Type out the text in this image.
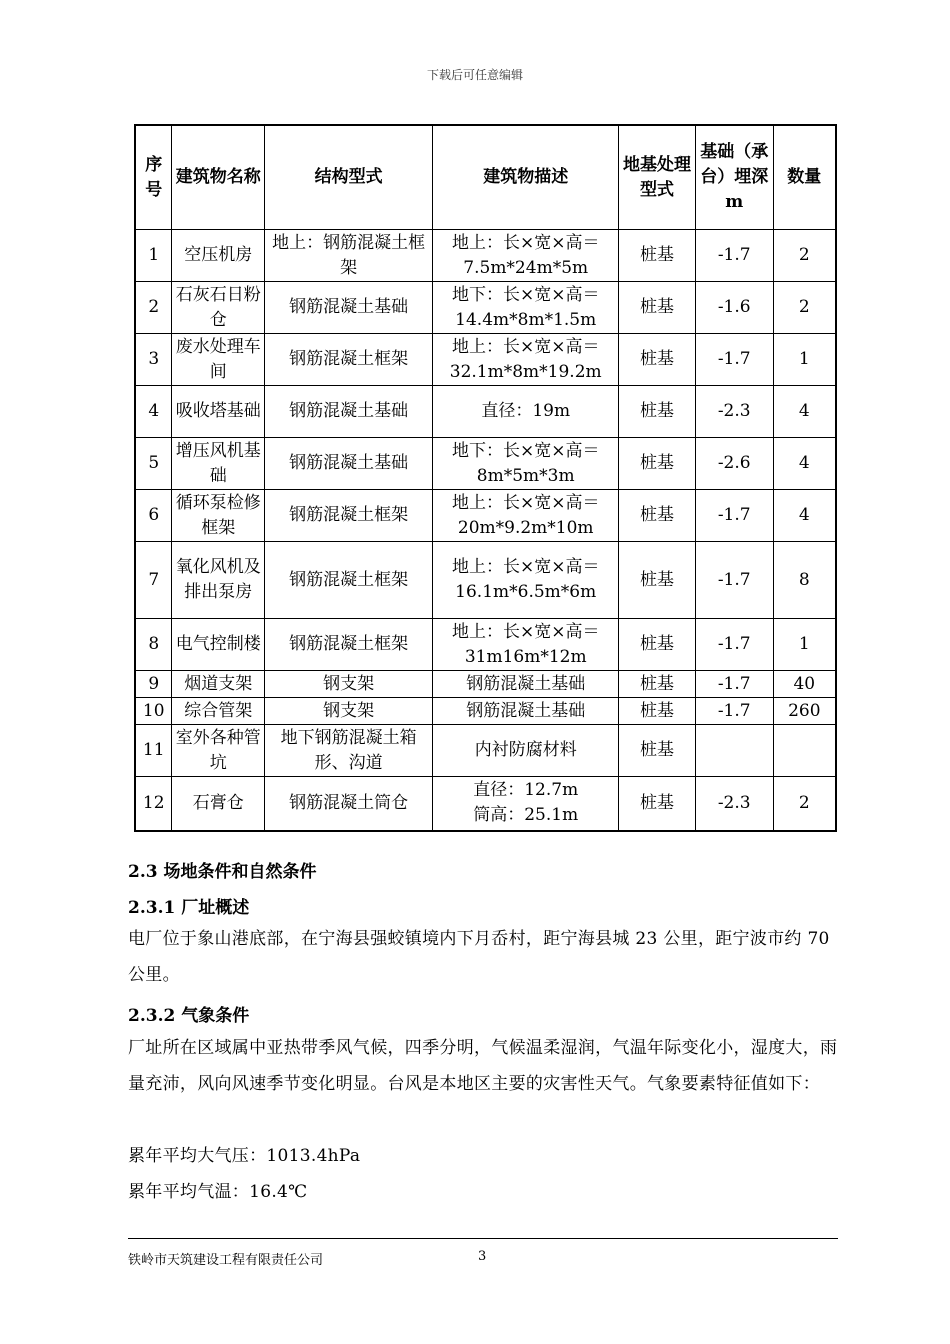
下载后可任意编辑
序号	建筑物名称	结构型式	建筑物描述	地基处理型式	基础（承台）埋深 m	数量
1	空压机房	地上：钢筋混凝土框架	地上：长×宽×高＝7.5m*24m*5m	桩基	-1.7	2
2	石灰石日粉仓	钢筋混凝土基础	地下：长×宽×高＝14.4m*8m*1.5m	桩基	-1.6	2
3	废水处理车间	钢筋混凝土框架	地上：长×宽×高＝32.1m*8m*19.2m	桩基	-1.7	1
4	吸收塔基础	钢筋混凝土基础	直径：19m	桩基	-2.3	4
5	增压风机基础	钢筋混凝土基础	地下：长×宽×高＝8m*5m*3m	桩基	-2.6	4
6	循环泵检修框架	钢筋混凝土框架	地上：长×宽×高＝20m*9.2m*10m	桩基	-1.7	4
7	氧化风机及排出泵房	钢筋混凝土框架	地上：长×宽×高＝16.1m*6.5m*6m	桩基	-1.7	8
8	电气控制楼	钢筋混凝土框架	地上：长×宽×高＝31m16m*12m	桩基	-1.7	1
9	烟道支架	钢支架	钢筋混凝土基础	桩基	-1.7	40
10	综合管架	钢支架	钢筋混凝土基础	桩基	-1.7	260
11	室外各种管坑	地下钢筋混凝土箱形、沟道	内衬防腐材料	桩基		
12	石膏仓	钢筋混凝土筒仓	直径：12.7m 筒高：25.1m	桩基	-2.3	2
2.3 场地条件和自然条件
2.3.1 厂址概述
电厂位于象山港底部，在宁海县强蛟镇境内下月岙村，距宁海县城 23 公里，距宁波市约 70 公里。
2.3.2 气象条件
厂址所在区域属中亚热带季风气候，四季分明，气候温柔湿润，气温年际变化小，湿度大，雨量充沛，风向风速季节变化明显。台风是本地区主要的灾害性天气。气象要素特征值如下：
累年平均大气压：1013.4hPa
累年平均气温：16.4℃
铁岭市天筑建设工程有限责任公司	3
